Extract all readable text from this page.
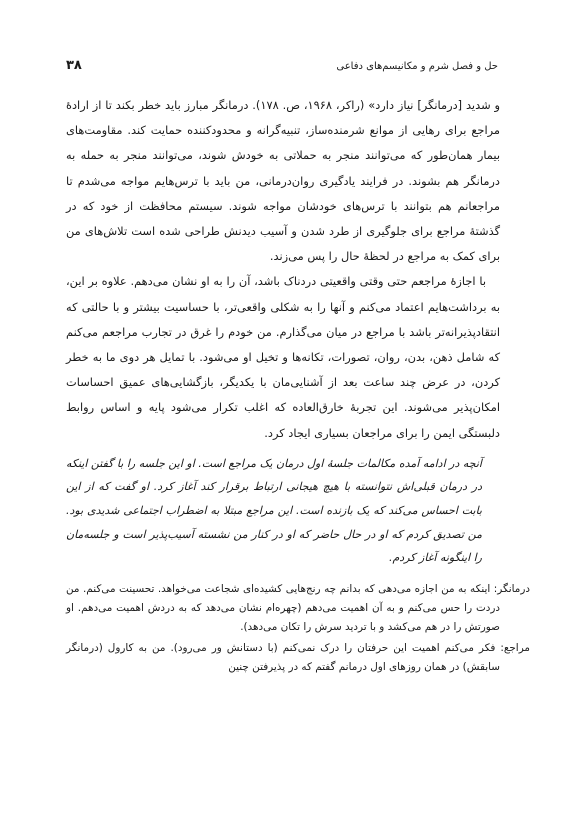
حل و فصل شرم و مکانیسم‌های دفاعی
۳۸

و شدید [درمانگر] نیاز دارد» (راکر، ۱۹۶۸، ص. ۱۷۸). درمانگر مبارز باید خطر بکند تا از ارادهٔ مراجع برای رهایی از موانع شرمنده‌ساز، تنبیه‌گرانه و محدودکننده حمایت کند. مقاومت‌های بیمار همان‌طور که می‌توانند منجر به حملاتی به خودش شوند، می‌توانند منجر به حمله به درمانگر هم بشوند. در فرایند یادگیری روان‌درمانی، من باید با ترس‌هایم مواجه می‌شدم تا مراجعانم هم بتوانند با ترس‌های خودشان مواجه شوند. سیستم محافظت از خود که در گذشتهٔ مراجع برای جلوگیری از طرد شدن و آسیب دیدنش طراحی شده است تلاش‌های من برای کمک به مراجع در لحظهٔ حال را پس می‌زند.

با اجازهٔ مراجعم حتی وقتی واقعیتی دردناک باشد، آن را به او نشان می‌دهم. علاوه بر این، به برداشت‌هایم اعتماد می‌کنم و آنها را به شکلی واقعی‌تر، با حساسیت بیشتر و با حالتی که انتقادپذیرانه‌تر باشد با مراجع در میان می‌گذارم. من خودم را غرق در تجارب مراجعم می‌کنم که شامل ذهن، بدن، روان، تصورات، تکانه‌ها و تخیل او می‌شود. با تمایل هر دوی ما به خطر کردن، در عرض چند ساعت بعد از آشنایی‌مان با یکدیگر، بازگشایی‌های عمیق احساسات امکان‌پذیر می‌شوند. این تجربهٔ خارق‌العاده که اغلب تکرار می‌شود پایه و اساس روابط دلبستگی ایمن را برای مراجعان بسیاری ایجاد کرد.

آنچه در ادامه آمده مکالمات جلسهٔ اول درمان یک مراجع است. او این جلسه را با گفتن اینکه در درمان قبلی‌اش نتوانسته با هیچ هیجانی ارتباط برقرار کند آغاز کرد. او گفت که از این بابت احساس می‌کند که یک بازنده است. این مراجع مبتلا به اضطراب اجتماعی شدیدی بود. من تصدیق کردم که او در حال حاضر که او در کنار من نشسته آسیب‌پذیر است و جلسه‌مان را اینگونه آغاز کردم.

درمانگر: اینکه به من اجازه می‌دهی که بدانم چه رنج‌هایی کشیده‌ای شجاعت می‌خواهد. تحسینت می‌کنم. من دردت را حس می‌کنم و به آن اهمیت می‌دهم (چهره‌ام نشان می‌دهد که به دردش اهمیت می‌دهم. او صورتش را در هم می‌کشد و با تردید سرش را تکان می‌دهد).

مراجع: فکر می‌کنم اهمیت این حرفتان را درک نمی‌کنم (با دستانش ور می‌رود). من به کارول (درمانگر سابقش) در همان روزهای اول درمانم گفتم که در پذیرفتن چنین
